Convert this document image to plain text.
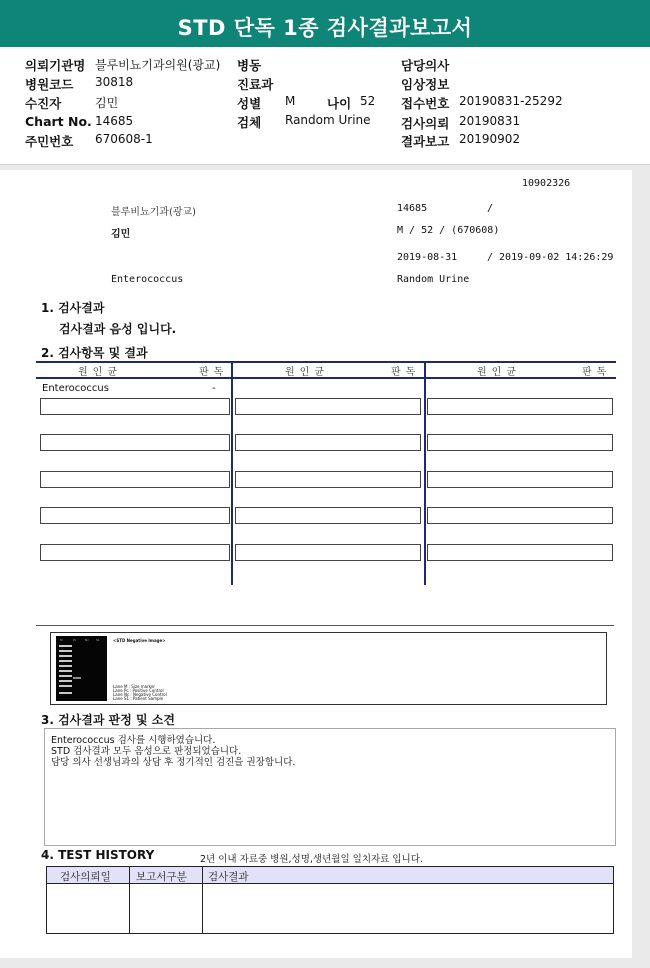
STD 단독 1종 검사결과보고서
의뢰기관명 블루비뇨기과의원(광교)
병원코드 30818
수진자	김민
Chart No. 14685
주민번호 670608-1
병동
진료과
성별 M	나이 52
검체 Random Urine
담당의사
임상정보
접수번호 20190831-25292
검사의뢰 20190831
결과보고 20190902
10902326
블루비뇨기과(광교)	14685	/
김민	M / 52 / (670608)
2019-08-31	/ 2019-09-02 14:26:29
Enterococcus	Random Urine
1. 검사결과
검사결과 음성 입니다.
2. 검사항목 및 결과
원인균	판독	원인균	판독	원인균	판독
Enterococcus	-
M	Pc	Nc S1	<STD Negative Image>
Lane M : Size marker
Lane Pc : Positive Control
Lane Nc : Negative Control
Lane S1 : Patient Sample
3. 검사결과 판정 및 소견
Enterococcus 검사를 시행하였습니다.
STD 검사결과 모두 음성으로 판정되었습니다.
담당 의사 선생님과의 상담 후 정기적인 검진을 권장합니다.
4. TEST HISTORY	2년 이내 자료중 병원,성명,생년월일 일치자료 입니다.
검사의뢰일 보고서구분 검사결과
